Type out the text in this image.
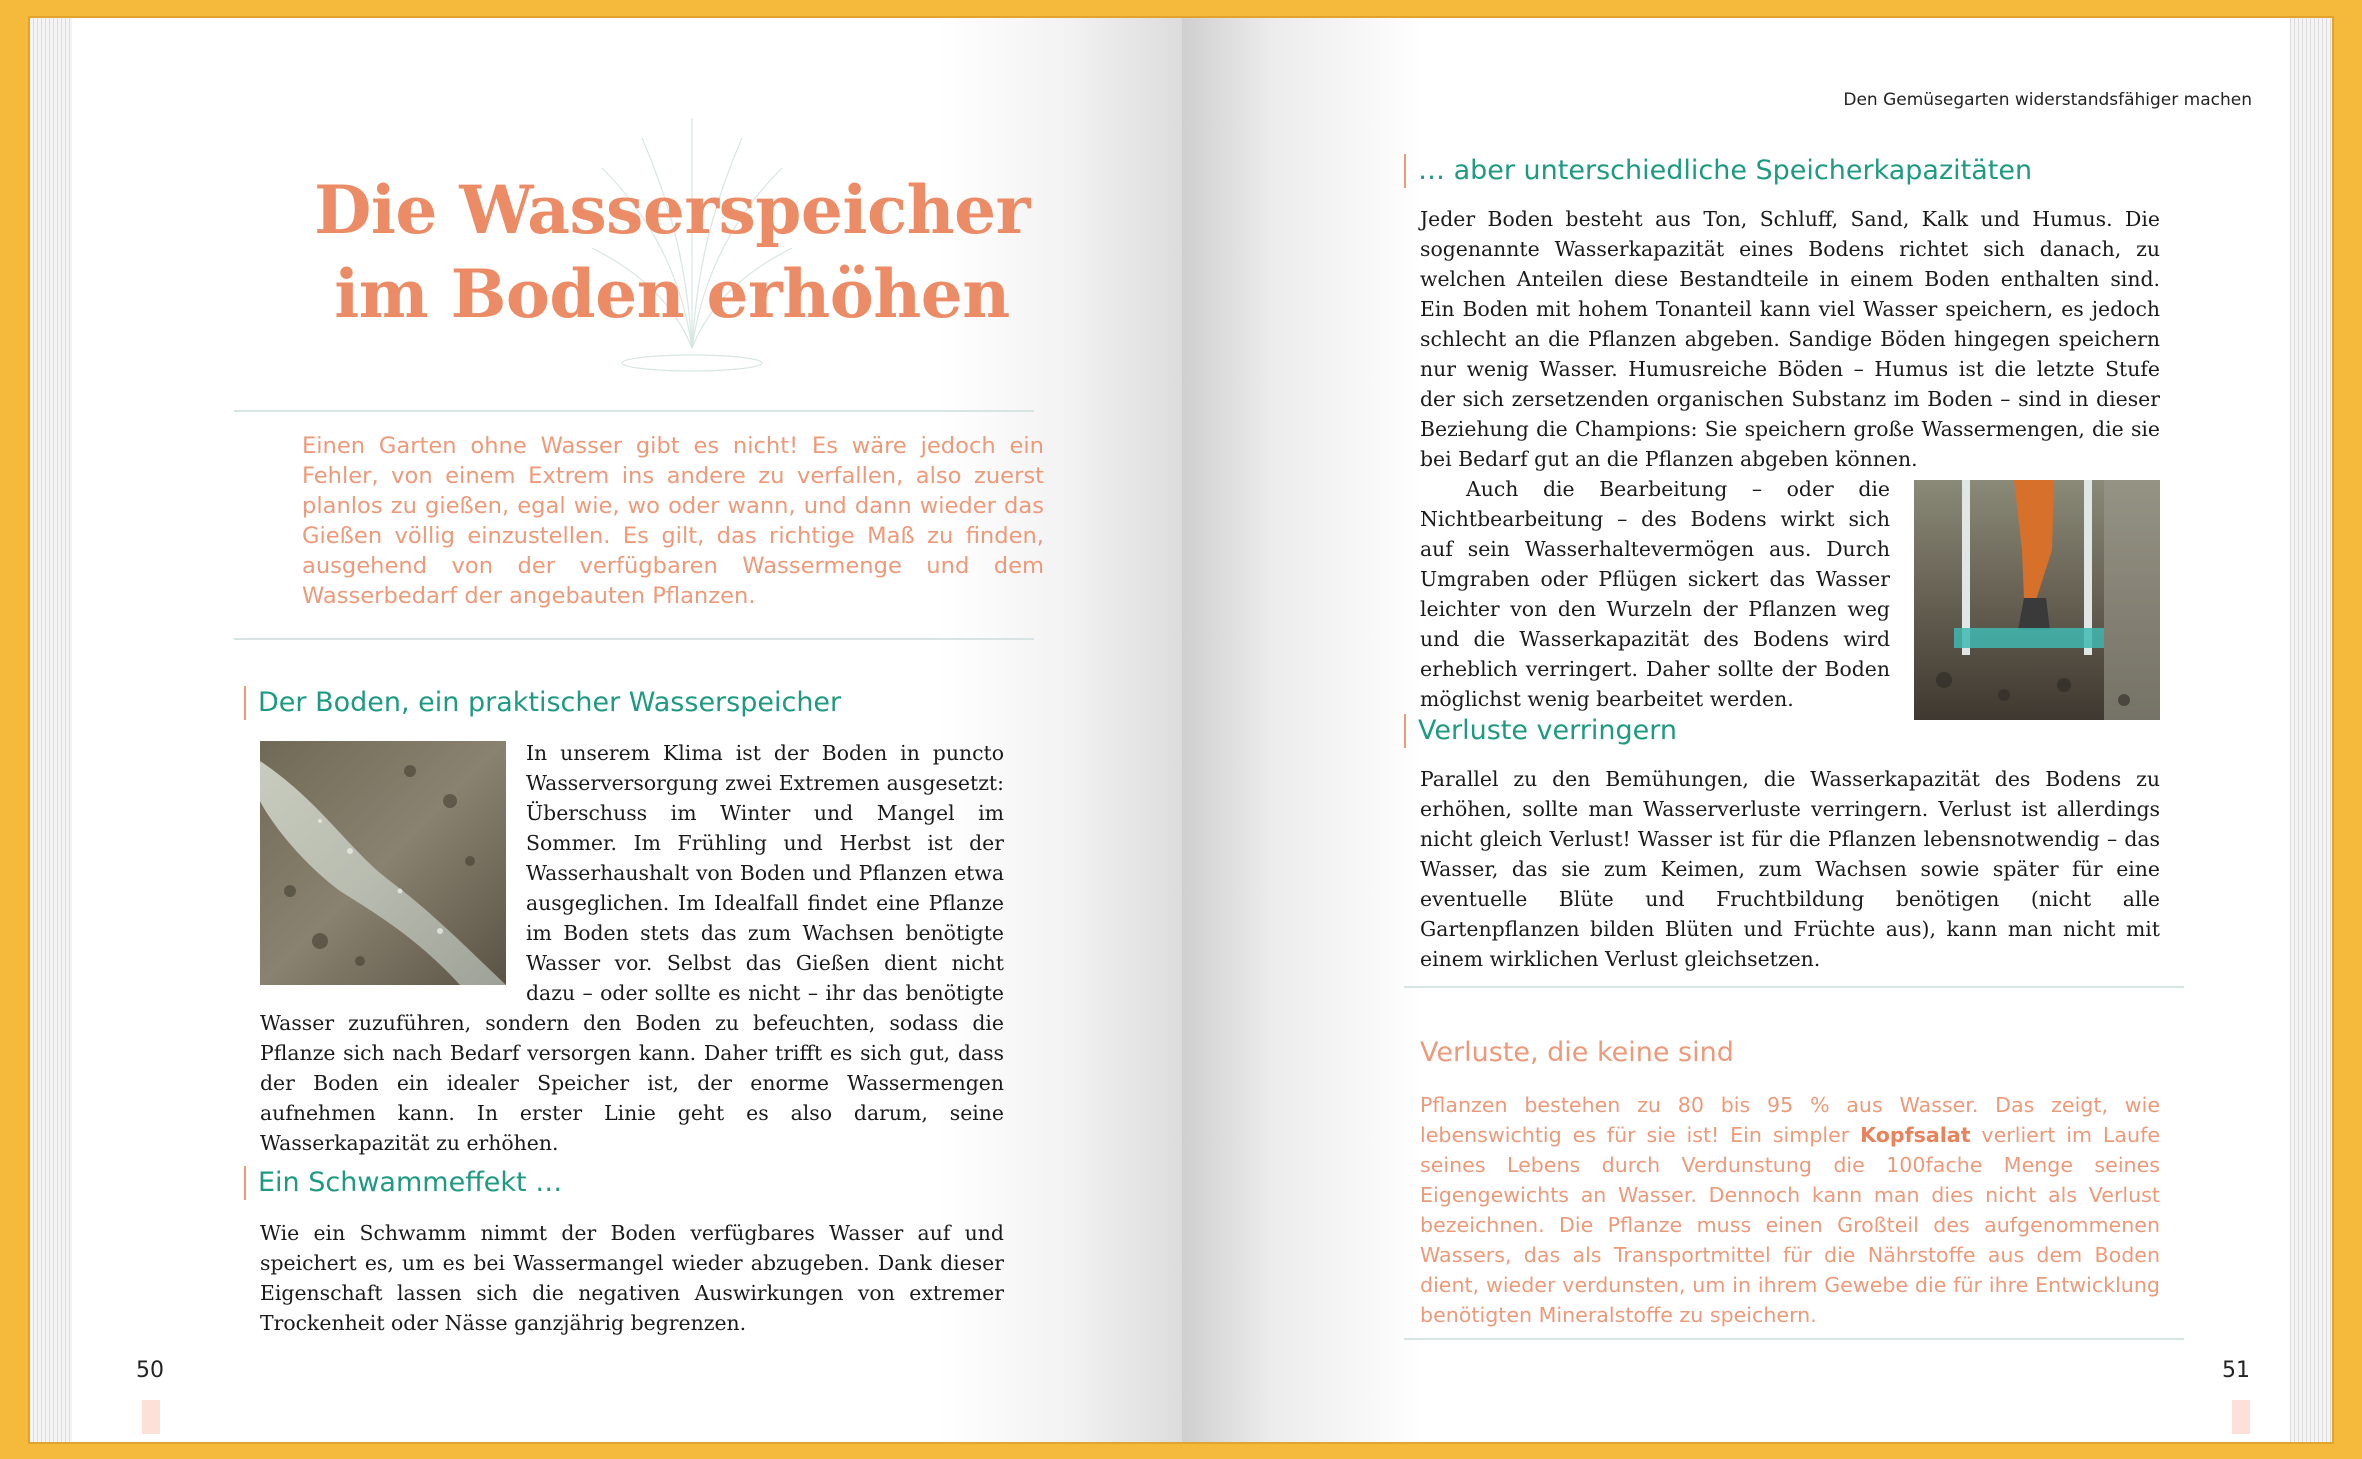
Die Wasserspeicher
im Boden erhöhen
Einen Garten ohne Wasser gibt es nicht! Es wäre jedoch ein Fehler, von einem Extrem ins andere zu verfallen, also zuerst planlos zu gießen, egal wie, wo oder wann, und dann wieder das Gießen völlig einzustellen. Es gilt, das richtige Maß zu finden, ausgehend von der verfügbaren Wassermenge und dem Wasserbedarf der angebauten Pflanzen.
Der Boden, ein praktischer Wasserspeicher

In unserem Klima ist der Boden in puncto Wasserversorgung zwei Extremen ausgesetzt: Überschuss im Winter und Mangel im Sommer. Im Frühling und Herbst ist der Wasserhaushalt von Boden und Pflanzen etwa ausgeglichen. Im Idealfall findet eine Pflanze im Boden stets das zum Wachsen benötigte Wasser vor. Selbst das Gießen dient nicht dazu – oder sollte es nicht – ihr das benötigte Wasser zuzuführen, sondern den Boden zu befeuchten, sodass die Pflanze sich nach Bedarf versorgen kann. Daher trifft es sich gut, dass der Boden ein idealer Speicher ist, der enorme Wassermengen aufnehmen kann. In erster Linie geht es also darum, seine Wasserkapazität zu erhöhen.

Ein Schwammeffekt …

Wie ein Schwamm nimmt der Boden verfügbares Wasser auf und speichert es, um es bei Wassermangel wieder abzugeben. Dank dieser Eigenschaft lassen sich die negativen Auswirkungen von extremer Trockenheit oder Nässe ganzjährig begrenzen.

50
Den Gemüsegarten widerstandsfähiger machen
… aber unterschiedliche Speicherkapazitäten

Jeder Boden besteht aus Ton, Schluff, Sand, Kalk und Humus. Die sogenannte Wasserkapazität eines Bodens richtet sich danach, zu welchen Anteilen diese Bestandteile in einem Boden enthalten sind. Ein Boden mit hohem Tonanteil kann viel Wasser speichern, es jedoch schlecht an die Pflanzen abgeben. Sandige Böden hingegen speichern nur wenig Wasser. Humusreiche Böden – Humus ist die letzte Stufe der sich zersetzenden organischen Substanz im Boden – sind in dieser Beziehung die Champions: Sie speichern große Wassermengen, die sie bei Bedarf gut an die Pflanzen abgeben können.

Auch die Bearbeitung – oder die Nichtbearbeitung – des Bodens wirkt sich auf sein Wasserhaltevermögen aus. Durch Umgraben oder Pflügen sickert das Wasser leichter von den Wurzeln der Pflanzen weg und die Wasserkapazität des Bodens wird erheblich verringert. Daher sollte der Boden möglichst wenig bearbeitet werden.

Verluste verringern

Parallel zu den Bemühungen, die Wasserkapazität des Bodens zu erhöhen, sollte man Wasserverluste verringern. Verlust ist allerdings nicht gleich Verlust! Wasser ist für die Pflanzen lebensnotwendig – das Wasser, das sie zum Keimen, zum Wachsen sowie später für eine eventuelle Blüte und Fruchtbildung benötigen (nicht alle Gartenpflanzen bilden Blüten und Früchte aus), kann man nicht mit einem wirklichen Verlust gleichsetzen.

Verluste, die keine sind
Pflanzen bestehen zu 80 bis 95 % aus Wasser. Das zeigt, wie lebenswichtig es für sie ist! Ein simpler Kopfsalat verliert im Laufe seines Lebens durch Verdunstung die 100fache Menge seines Eigengewichts an Wasser. Dennoch kann man dies nicht als Verlust bezeichnen. Die Pflanze muss einen Großteil des aufgenommenen Wassers, das als Transportmittel für die Nährstoffe aus dem Boden dient, wieder verdunsten, um in ihrem Gewebe die für ihre Entwicklung benötigten Mineralstoffe zu speichern.
51
